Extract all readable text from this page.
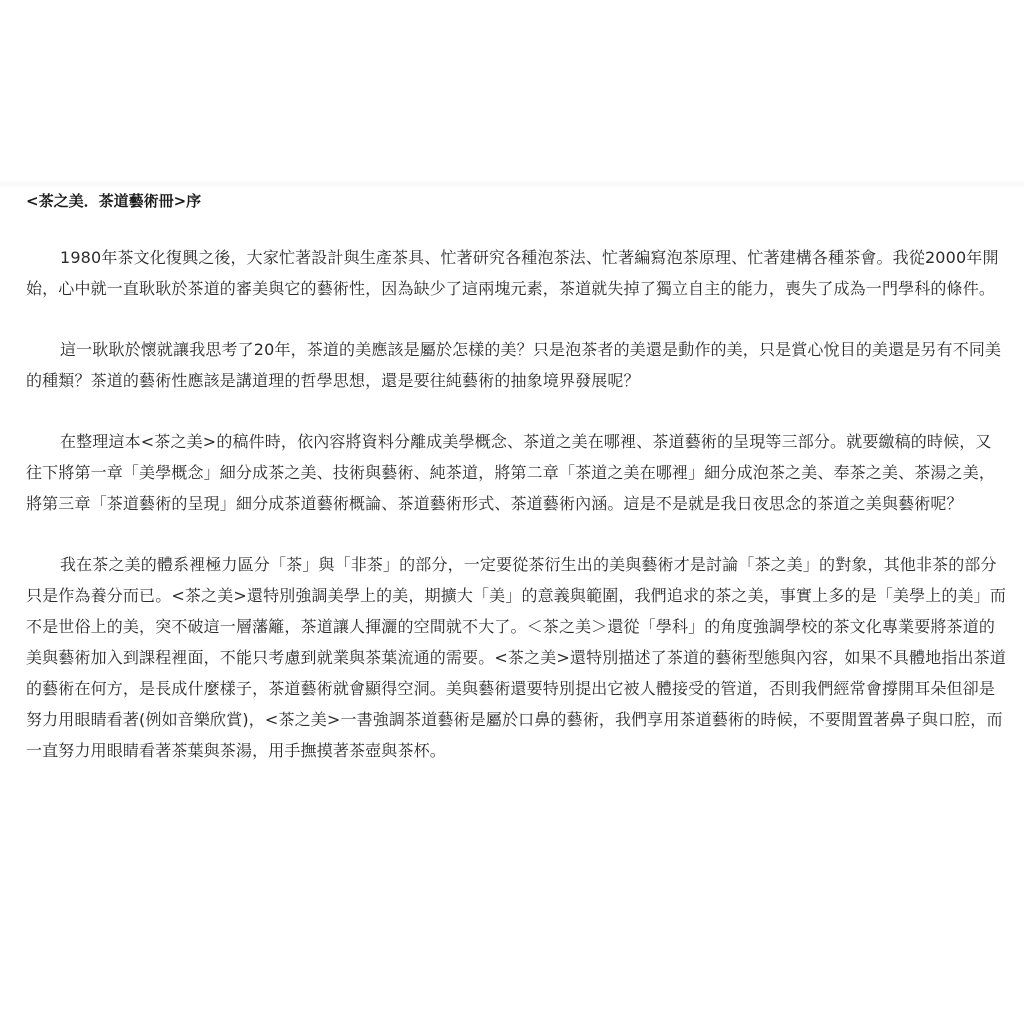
<茶之美．茶道藝術冊>序

1980年茶文化復興之後，大家忙著設計與生產茶具、忙著研究各種泡茶法、忙著編寫泡茶原理、忙著建構各種茶會。我從2000年開始，心中就一直耿耿於茶道的審美與它的藝術性，因為缺少了這兩塊元素，茶道就失掉了獨立自主的能力，喪失了成為一門學科的條件。

這一耿耿於懷就讓我思考了20年，茶道的美應該是屬於怎樣的美？只是泡茶者的美還是動作的美，只是賞心悅目的美還是另有不同美的種類？茶道的藝術性應該是講道理的哲學思想，還是要往純藝術的抽象境界發展呢？

在整理這本<茶之美>的稿件時，依內容將資料分離成美學概念、茶道之美在哪裡、茶道藝術的呈現等三部分。就要繳稿的時候，又往下將第一章「美學概念」細分成茶之美、技術與藝術、純茶道，將第二章「茶道之美在哪裡」細分成泡茶之美、奉茶之美、茶湯之美，將第三章「茶道藝術的呈現」細分成茶道藝術概論、茶道藝術形式、茶道藝術內涵。這是不是就是我日夜思念的茶道之美與藝術呢？

我在茶之美的體系裡極力區分「茶」與「非茶」的部分，一定要從茶衍生出的美與藝術才是討論「茶之美」的對象，其他非茶的部分只是作為養分而已。<茶之美>還特別強調美學上的美，期擴大「美」的意義與範圍，我們追求的茶之美，事實上多的是「美學上的美」而不是世俗上的美，突不破這一層藩籬，茶道讓人揮灑的空間就不大了。＜茶之美＞還從「學科」的角度強調學校的茶文化專業要將茶道的美與藝術加入到課程裡面，不能只考慮到就業與茶葉流通的需要。<茶之美>還特別描述了茶道的藝術型態與內容，如果不具體地指出茶道的藝術在何方，是長成什麼樣子，茶道藝術就會顯得空洞。美與藝術還要特別提出它被人體接受的管道，否則我們經常會撐開耳朵但卻是努力用眼睛看著(例如音樂欣賞)，<茶之美>一書強調茶道藝術是屬於口鼻的藝術，我們享用茶道藝術的時候，不要閒置著鼻子與口腔，而一直努力用眼睛看著茶葉與茶湯，用手撫摸著茶壺與茶杯。
